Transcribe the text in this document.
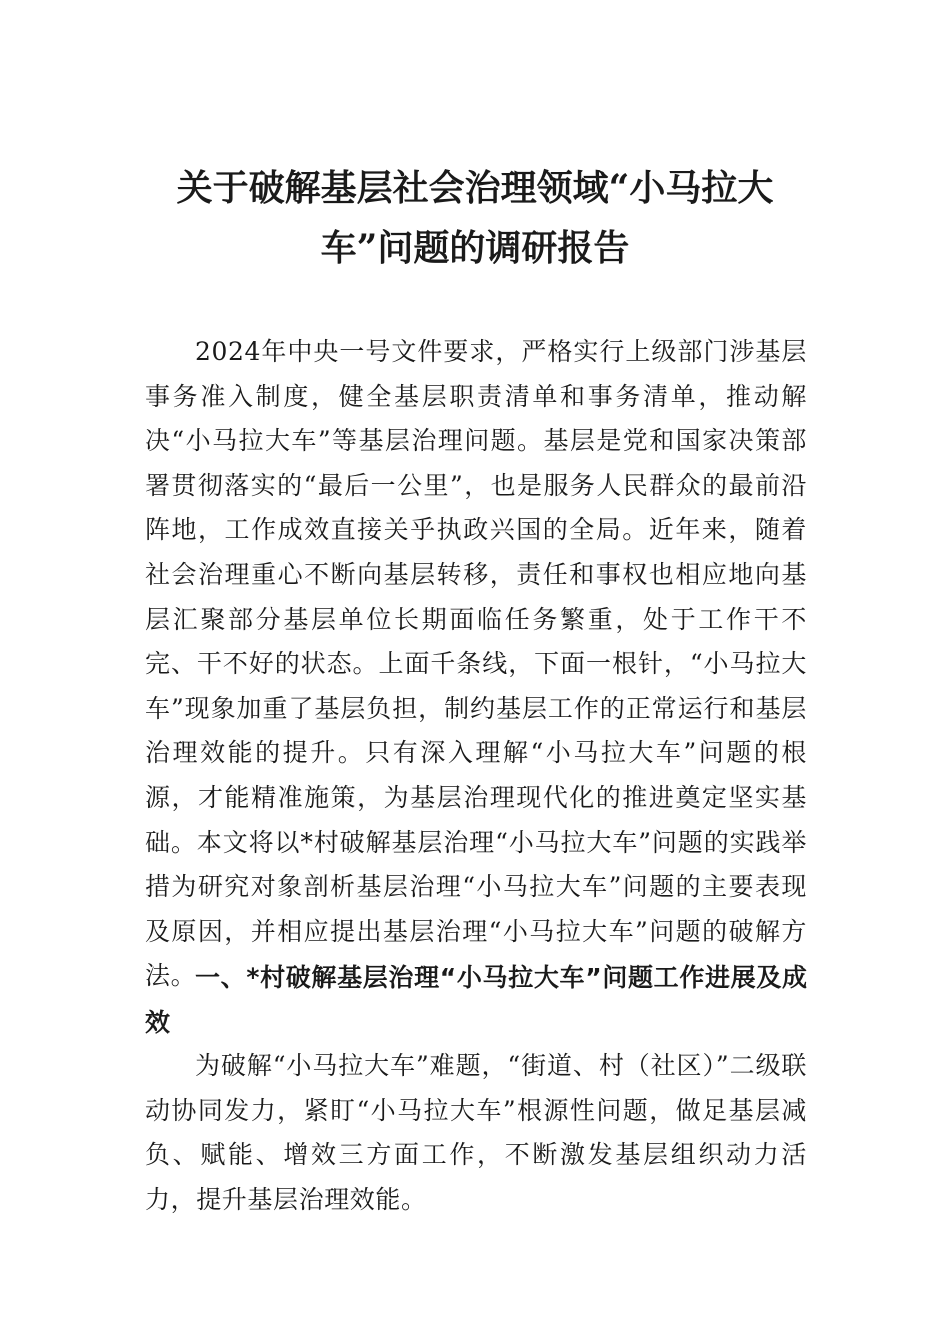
关于破解基层社会治理领域“小马拉大
车”问题的调研报告

2024年中央一号文件要求，严格实行上级部门涉基层事务准入制度，健全基层职责清单和事务清单，推动解决“小马拉大车”等基层治理问题。基层是党和国家决策部署贯彻落实的“最后一公里”，也是服务人民群众的最前沿阵地，工作成效直接关乎执政兴国的全局。近年来，随着社会治理重心不断向基层转移，责任和事权也相应地向基层汇聚部分基层单位长期面临任务繁重，处于工作干不完、干不好的状态。上面千条线，下面一根针，“小马拉大车”现象加重了基层负担，制约基层工作的正常运行和基层治理效能的提升。只有深入理解“小马拉大车”问题的根源，才能精准施策，为基层治理现代化的推进奠定坚实基础。本文将以*村破解基层治理“小马拉大车”问题的实践举措为研究对象剖析基层治理“小马拉大车”问题的主要表现及原因，并相应提出基层治理“小马拉大车”问题的破解方法。

一、*村破解基层治理“小马拉大车”问题工作进展及成效

为破解“小马拉大车”难题，“街道、村（社区）”二级联动协同发力，紧盯“小马拉大车”根源性问题，做足基层减负、赋能、增效三方面工作，不断激发基层组织动力活力，提升基层治理效能。
